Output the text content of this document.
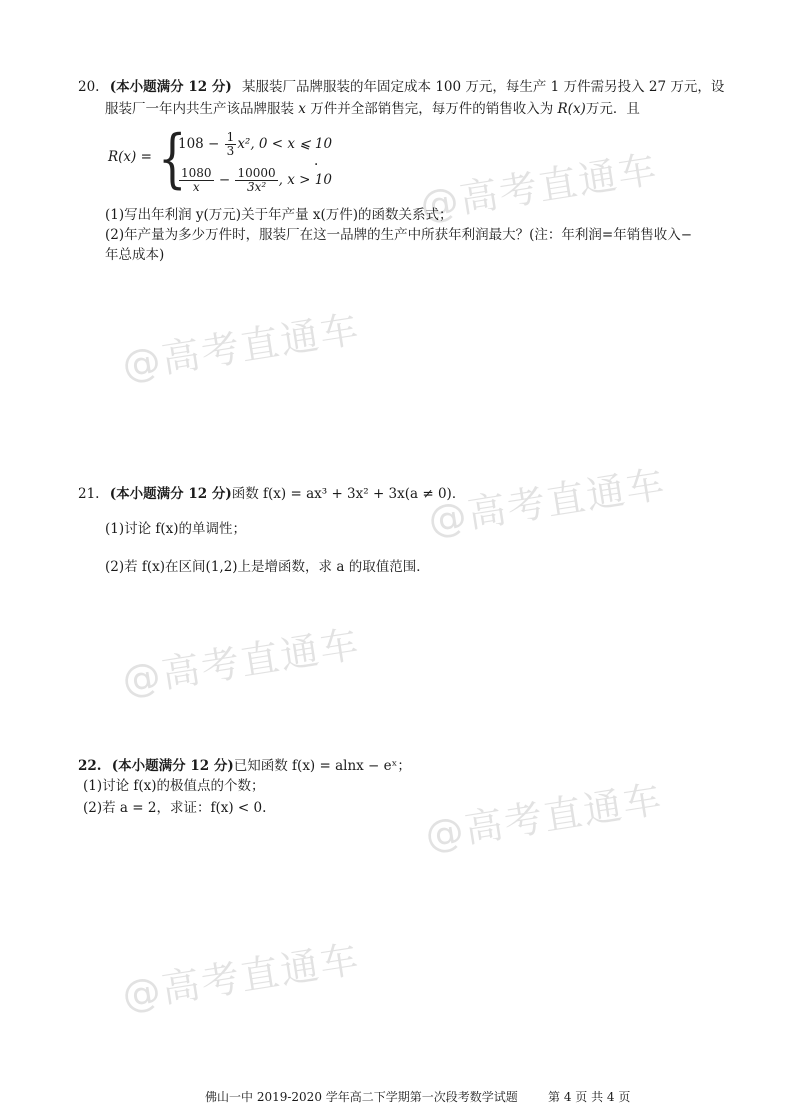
@高考直通车
@高考直通车
@高考直通车
@高考直通车
@高考直通车
@高考直通车
20. (本小题满分 12 分) 某服装厂品牌服装的年固定成本 100 万元，每生产 1 万件需另投入 27 万元，设
服装厂一年内共生产该品牌服装 x 万件并全部销售完，每万件的销售收入为 R(x)万元．且
R(x) = {
$108 - \frac{1}{3} x^2$, 0 < x ⩽ 10
$\frac{1080}{x} - \frac{10000}{\text{3x²}}$ , x > 10
.
(1)写出年利润 y(万元)关于年产量 x(万件)的函数关系式；
(2)年产量为多少万件时，服装厂在这一品牌的生产中所获年利润最大？(注：年利润=年销售收入−
年总成本)
21. (本小题满分 12 分)函数 f(x) = ax³ + 3x² + 3x(a ≠ 0)．
(1)讨论 f(x)的单调性；
(2)若 f(x)在区间(1,2)上是增函数，求 a 的取值范围．
22. (本小题满分 12 分)已知函数 f(x) = alnx − eˣ；
(1)讨论 f(x)的极值点的个数；
(2)若 a = 2，求证：f(x) < 0.
佛山一中 2019-2020 学年高二下学期第一次段考数学试题	第 4 页 共 4 页
